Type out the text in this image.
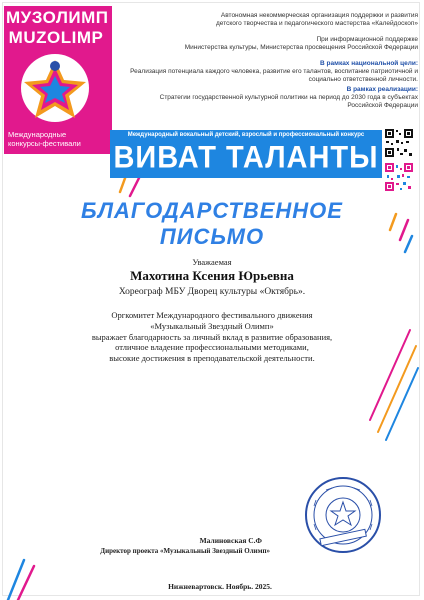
МУЗОЛИМП
MUZOLIMP
Международные
конкурсы-фестивали
Автономная некоммерческая организация поддержки и развития
детского творчества и педагогического мастерства «Калейдоскоп»
При информационной поддержке
Министерства культуры, Министерства просвещения Российской Федерации
В рамках национальной цели:
Реализация потенциала каждого человека, развитие его талантов, воспитание патриотичной и
социально ответственной личности.
В рамках реализации:
Стратегии государственной культурной политики на период до 2030 года в субъектах
Российской Федерации
Международный вокальный детский, взрослый и профессиональный конкурс
ВИВАТ ТАЛАНТЫ
БЛАГОДАРСТВЕННОЕ ПИСЬМО
Уважаемая
Махотина Ксения Юрьевна
Хореограф МБУ Дворец культуры «Октябрь».
Оргкомитет Международного фестивального движения
«Музыкальный Звездный Олимп»
выражает благодарность за личный вклад в развитие образования,
отличное владение профессиональными методиками,
высокие достижения в преподавательской деятельности.
Малиновская С.Ф
Директор проекта «Музыкальный Звездный Олимп»
Нижневартовск. Ноябрь. 2025.
